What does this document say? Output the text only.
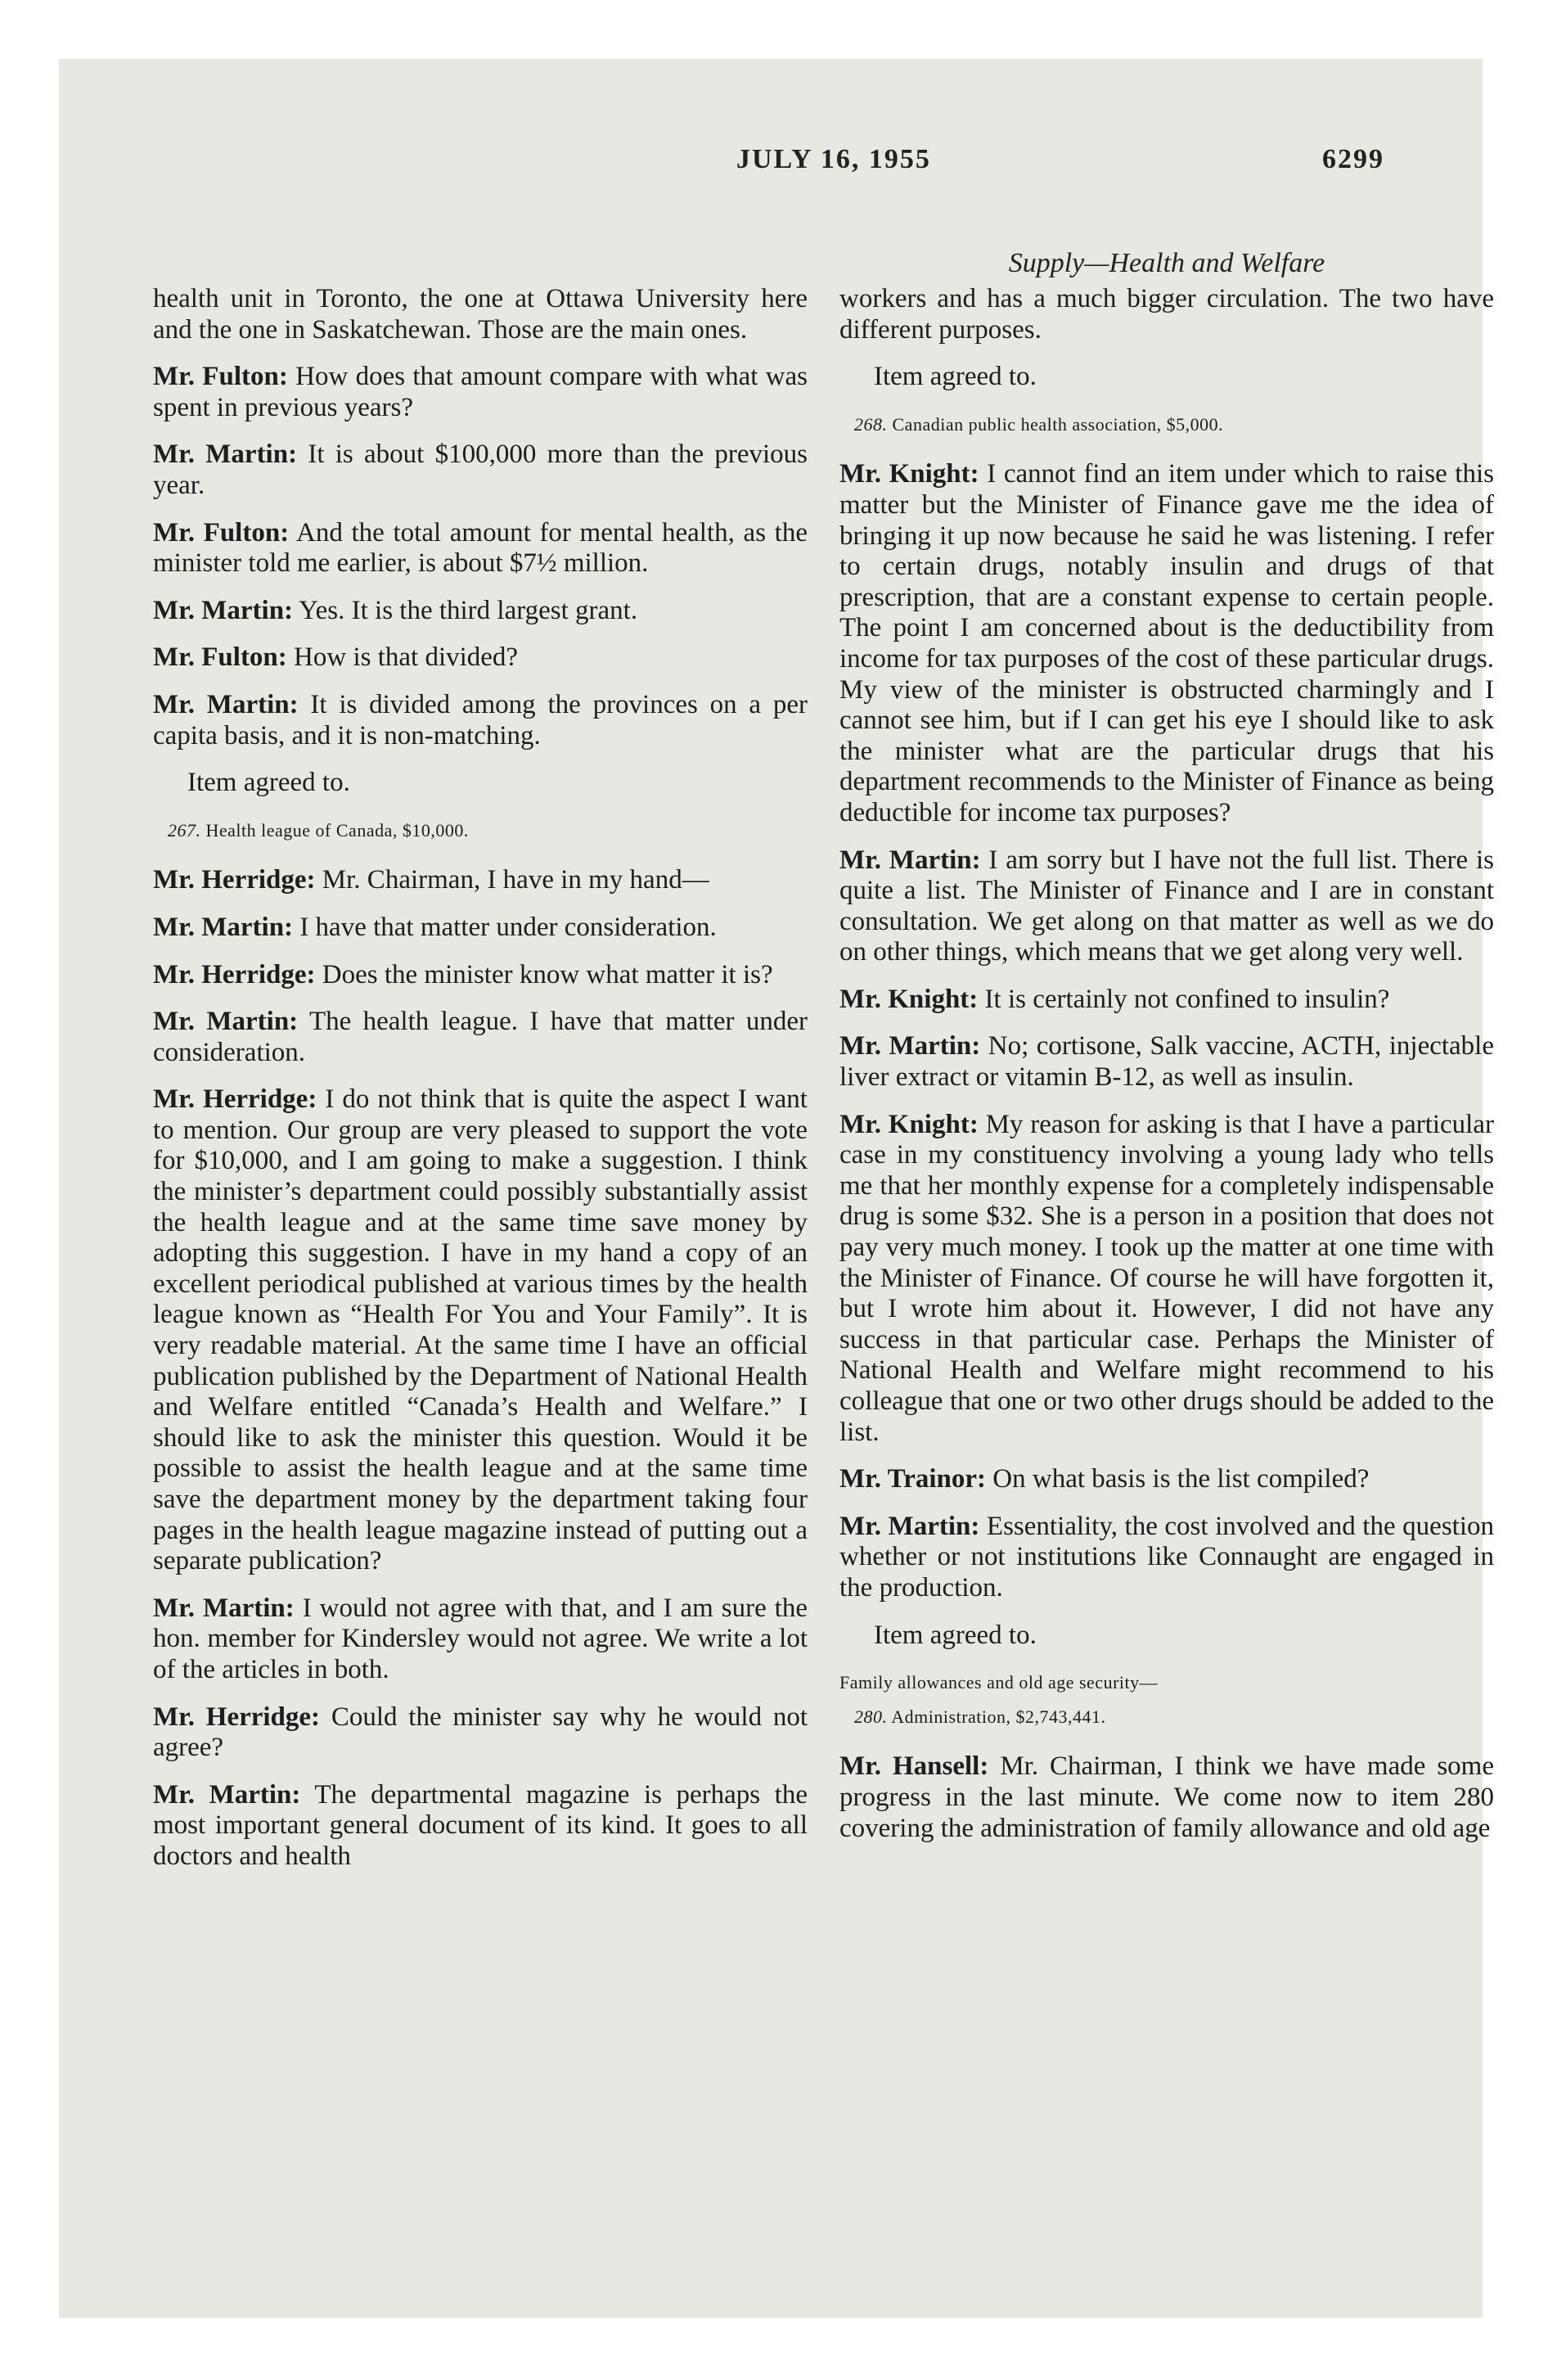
JULY 16, 1955	6299

health unit in Toronto, the one at Ottawa University here and the one in Saskatchewan. Those are the main ones.

Mr. Fulton: How does that amount compare with what was spent in previous years?

Mr. Martin: It is about $100,000 more than the previous year.

Mr. Fulton: And the total amount for mental health, as the minister told me earlier, is about $7½ million.

Mr. Martin: Yes. It is the third largest grant.

Mr. Fulton: How is that divided?

Mr. Martin: It is divided among the provinces on a per capita basis, and it is non-matching.

Item agreed to.

267. Health league of Canada, $10,000.

Mr. Herridge: Mr. Chairman, I have in my hand—

Mr. Martin: I have that matter under consideration.

Mr. Herridge: Does the minister know what matter it is?

Mr. Martin: The health league. I have that matter under consideration.

Mr. Herridge: I do not think that is quite the aspect I want to mention. Our group are very pleased to support the vote for $10,000, and I am going to make a suggestion. I think the minister’s department could possibly substantially assist the health league and at the same time save money by adopting this suggestion. I have in my hand a copy of an excellent periodical published at various times by the health league known as “Health For You and Your Family”. It is very readable material. At the same time I have an official publication published by the Department of National Health and Welfare entitled “Canada’s Health and Welfare.” I should like to ask the minister this question. Would it be possible to assist the health league and at the same time save the department money by the department taking four pages in the health league magazine instead of putting out a separate publication?

Mr. Martin: I would not agree with that, and I am sure the hon. member for Kindersley would not agree. We write a lot of the articles in both.

Mr. Herridge: Could the minister say why he would not agree?

Mr. Martin: The departmental magazine is perhaps the most important general document of its kind. It goes to all doctors and health

Supply—Health and Welfare

workers and has a much bigger circulation. The two have different purposes.

Item agreed to.

268. Canadian public health association, $5,000.

Mr. Knight: I cannot find an item under which to raise this matter but the Minister of Finance gave me the idea of bringing it up now because he said he was listening. I refer to certain drugs, notably insulin and drugs of that prescription, that are a constant expense to certain people. The point I am concerned about is the deductibility from income for tax purposes of the cost of these particular drugs. My view of the minister is obstructed charmingly and I cannot see him, but if I can get his eye I should like to ask the minister what are the particular drugs that his department recommends to the Minister of Finance as being deductible for income tax purposes?

Mr. Martin: I am sorry but I have not the full list. There is quite a list. The Minister of Finance and I are in constant consultation. We get along on that matter as well as we do on other things, which means that we get along very well.

Mr. Knight: It is certainly not confined to insulin?

Mr. Martin: No; cortisone, Salk vaccine, ACTH, injectable liver extract or vitamin B-12, as well as insulin.

Mr. Knight: My reason for asking is that I have a particular case in my constituency involving a young lady who tells me that her monthly expense for a completely indispensable drug is some $32. She is a person in a position that does not pay very much money. I took up the matter at one time with the Minister of Finance. Of course he will have forgotten it, but I wrote him about it. However, I did not have any success in that particular case. Perhaps the Minister of National Health and Welfare might recommend to his colleague that one or two other drugs should be added to the list.

Mr. Trainor: On what basis is the list compiled?

Mr. Martin: Essentiality, the cost involved and the question whether or not institutions like Connaught are engaged in the production.

Item agreed to.

Family allowances and old age security—

280. Administration, $2,743,441.

Mr. Hansell: Mr. Chairman, I think we have made some progress in the last minute. We come now to item 280 covering the administration of family allowance and old age
